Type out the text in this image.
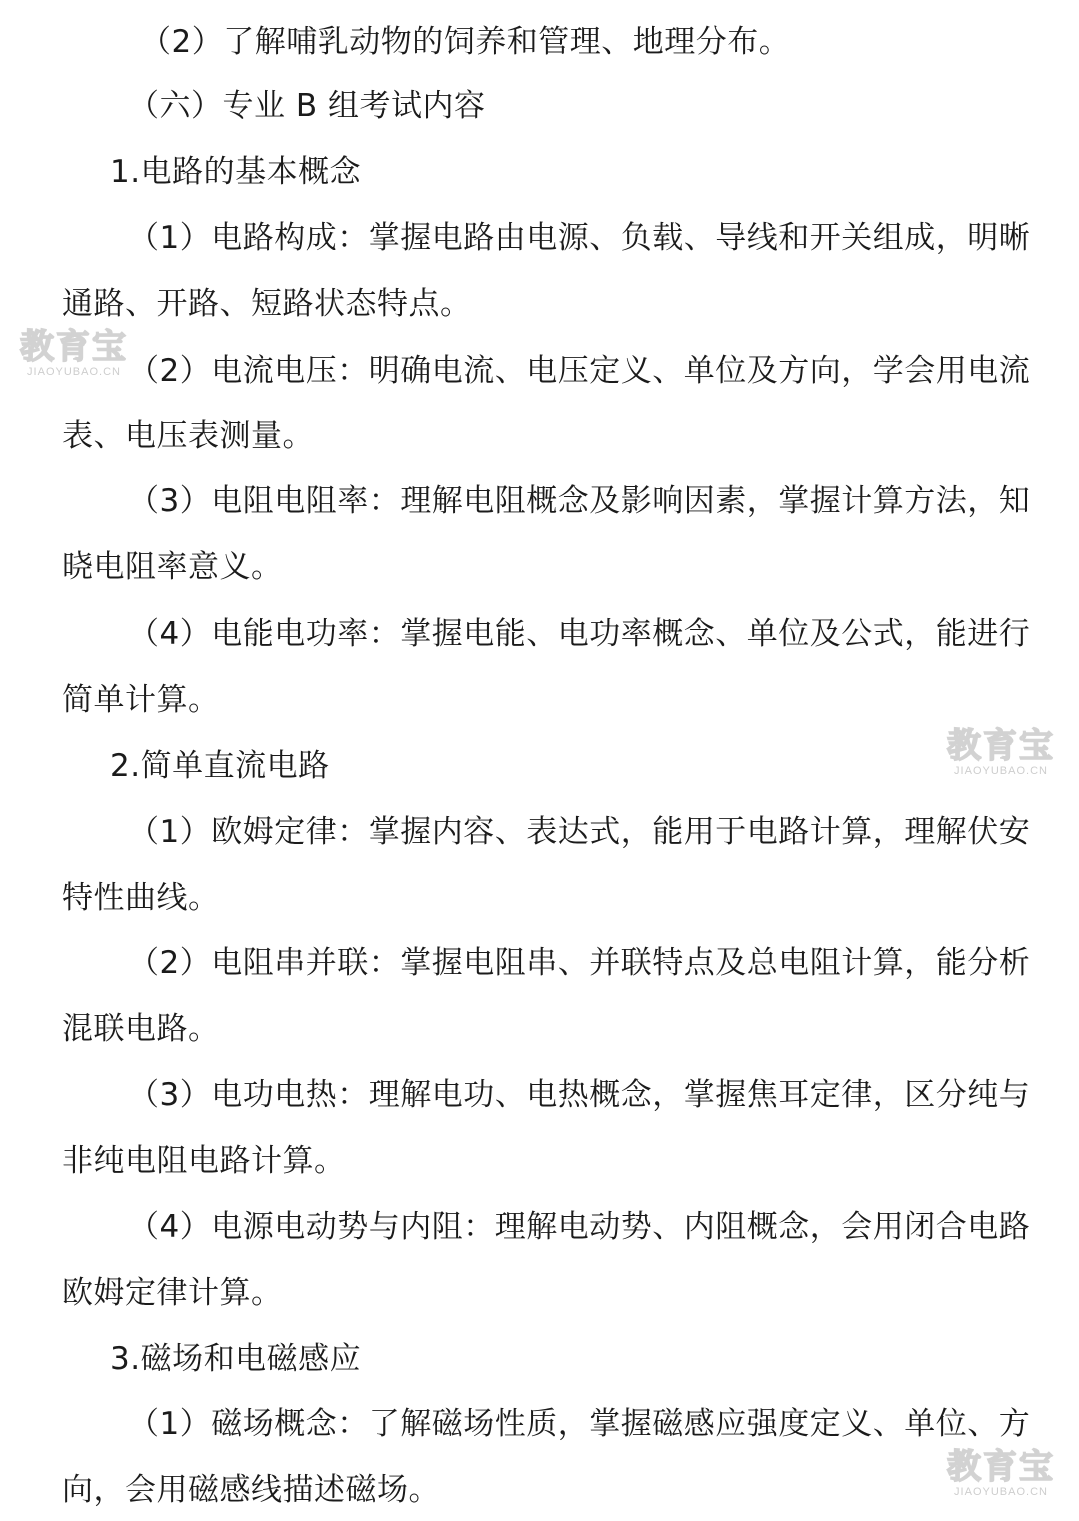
（2）了解哺乳动物的饲养和管理、地理分布。
（六）专业 B 组考试内容
1.电路的基本概念
（1）电路构成：掌握电路由电源、负载、导线和开关组成，明晰
通路、开路、短路状态特点。
（2）电流电压：明确电流、电压定义、单位及方向，学会用电流
表、电压表测量。
（3）电阻电阻率：理解电阻概念及影响因素，掌握计算方法，知
晓电阻率意义。
（4）电能电功率：掌握电能、电功率概念、单位及公式，能进行
简单计算。
2.简单直流电路
（1）欧姆定律：掌握内容、表达式，能用于电路计算，理解伏安
特性曲线。
（2）电阻串并联：掌握电阻串、并联特点及总电阻计算，能分析
混联电路。
（3）电功电热：理解电功、电热概念，掌握焦耳定律，区分纯与
非纯电阻电路计算。
（4）电源电动势与内阻：理解电动势、内阻概念，会用闭合电路
欧姆定律计算。
3.磁场和电磁感应
（1）磁场概念：了解磁场性质，掌握磁感应强度定义、单位、方
向，会用磁感线描述磁场。
教育宝
JIAOYUBAO.CN
教育宝
JIAOYUBAO.CN
教育宝
JIAOYUBAO.CN
